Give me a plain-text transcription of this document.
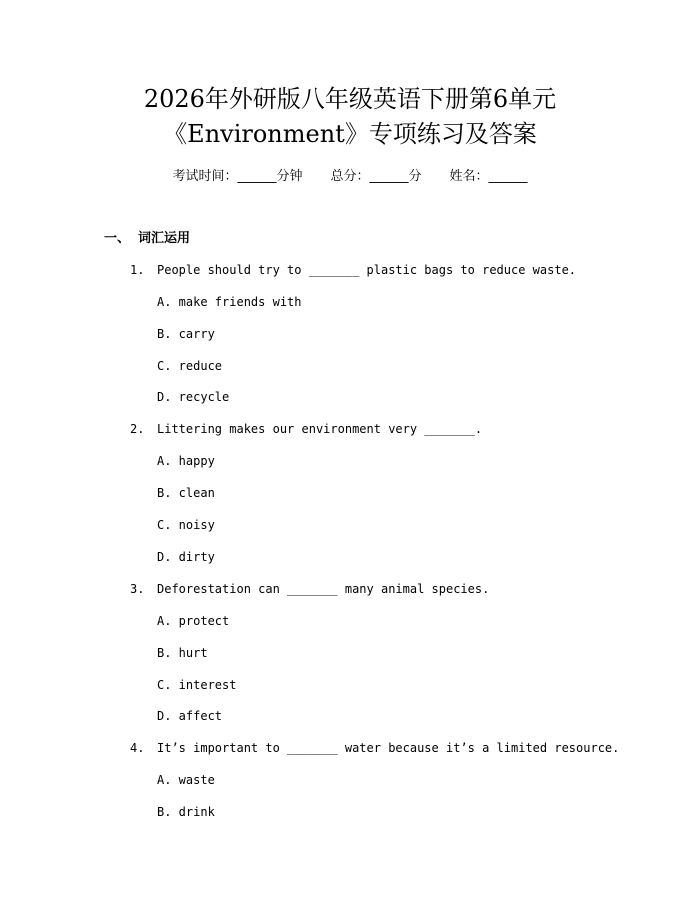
2026年外研版八年级英语下册第6单元
《Environment》专项练习及答案
考试时间：______分钟 总分：______分 姓名：______
一、 词汇运用
1. People should try to _______ plastic bags to reduce waste.
A. make friends with
B. carry
C. reduce
D. recycle
2. Littering makes our environment very _______.
A. happy
B. clean
C. noisy
D. dirty
3. Deforestation can _______ many animal species.
A. protect
B. hurt
C. interest
D. affect
4. It’s important to _______ water because it’s a limited resource.
A. waste
B. drink
